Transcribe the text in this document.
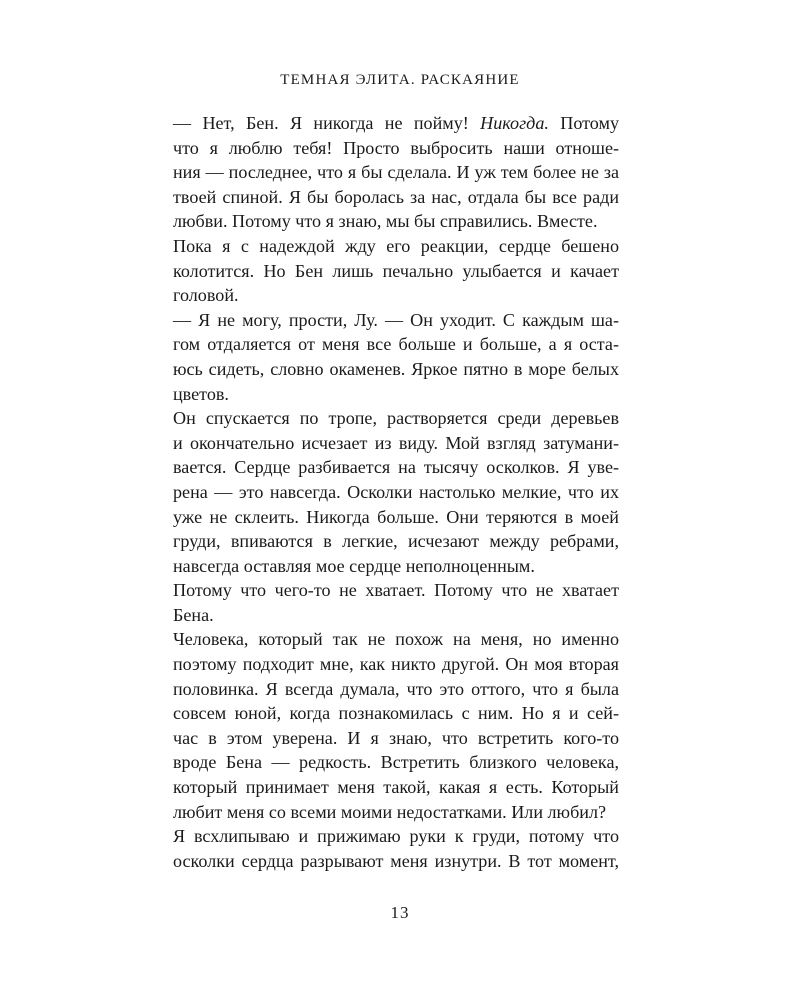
ТЕМНАЯ ЭЛИТА. РАСКАЯНИЕ
— Нет, Бен. Я никогда не пойму! Никогда. Потому
что я люблю тебя! Просто выбросить наши отноше-
ния — последнее, что я бы сделала. И уж тем более не за
твоей спиной. Я бы боролась за нас, отдала бы все ради
любви. Потому что я знаю, мы бы справились. Вместе.
Пока я с надеждой жду его реакции, сердце бешено
колотится. Но Бен лишь печально улыбается и качает
головой.
— Я не могу, прости, Лу. — Он уходит. С каждым ша-
гом отдаляется от меня все больше и больше, а я оста-
юсь сидеть, словно окаменев. Яркое пятно в море белых
цветов.
Он спускается по тропе, растворяется среди деревьев
и окончательно исчезает из виду. Мой взгляд затумани-
вается. Сердце разбивается на тысячу осколков. Я уве-
рена — это навсегда. Осколки настолько мелкие, что их
уже не склеить. Никогда больше. Они теряются в моей
груди, впиваются в легкие, исчезают между ребрами,
навсегда оставляя мое сердце неполноценным.
Потому что чего-то не хватает. Потому что не хватает
Бена.
Человека, который так не похож на меня, но именно
поэтому подходит мне, как никто другой. Он моя вторая
половинка. Я всегда думала, что это оттого, что я была
совсем юной, когда познакомилась с ним. Но я и сей-
час в этом уверена. И я знаю, что встретить кого-то
вроде Бена — редкость. Встретить близкого человека,
который принимает меня такой, какая я есть. Который
любит меня со всеми моими недостатками. Или любил?
Я всхлипываю и прижимаю руки к груди, потому что
осколки сердца разрывают меня изнутри. В тот момент,
13
